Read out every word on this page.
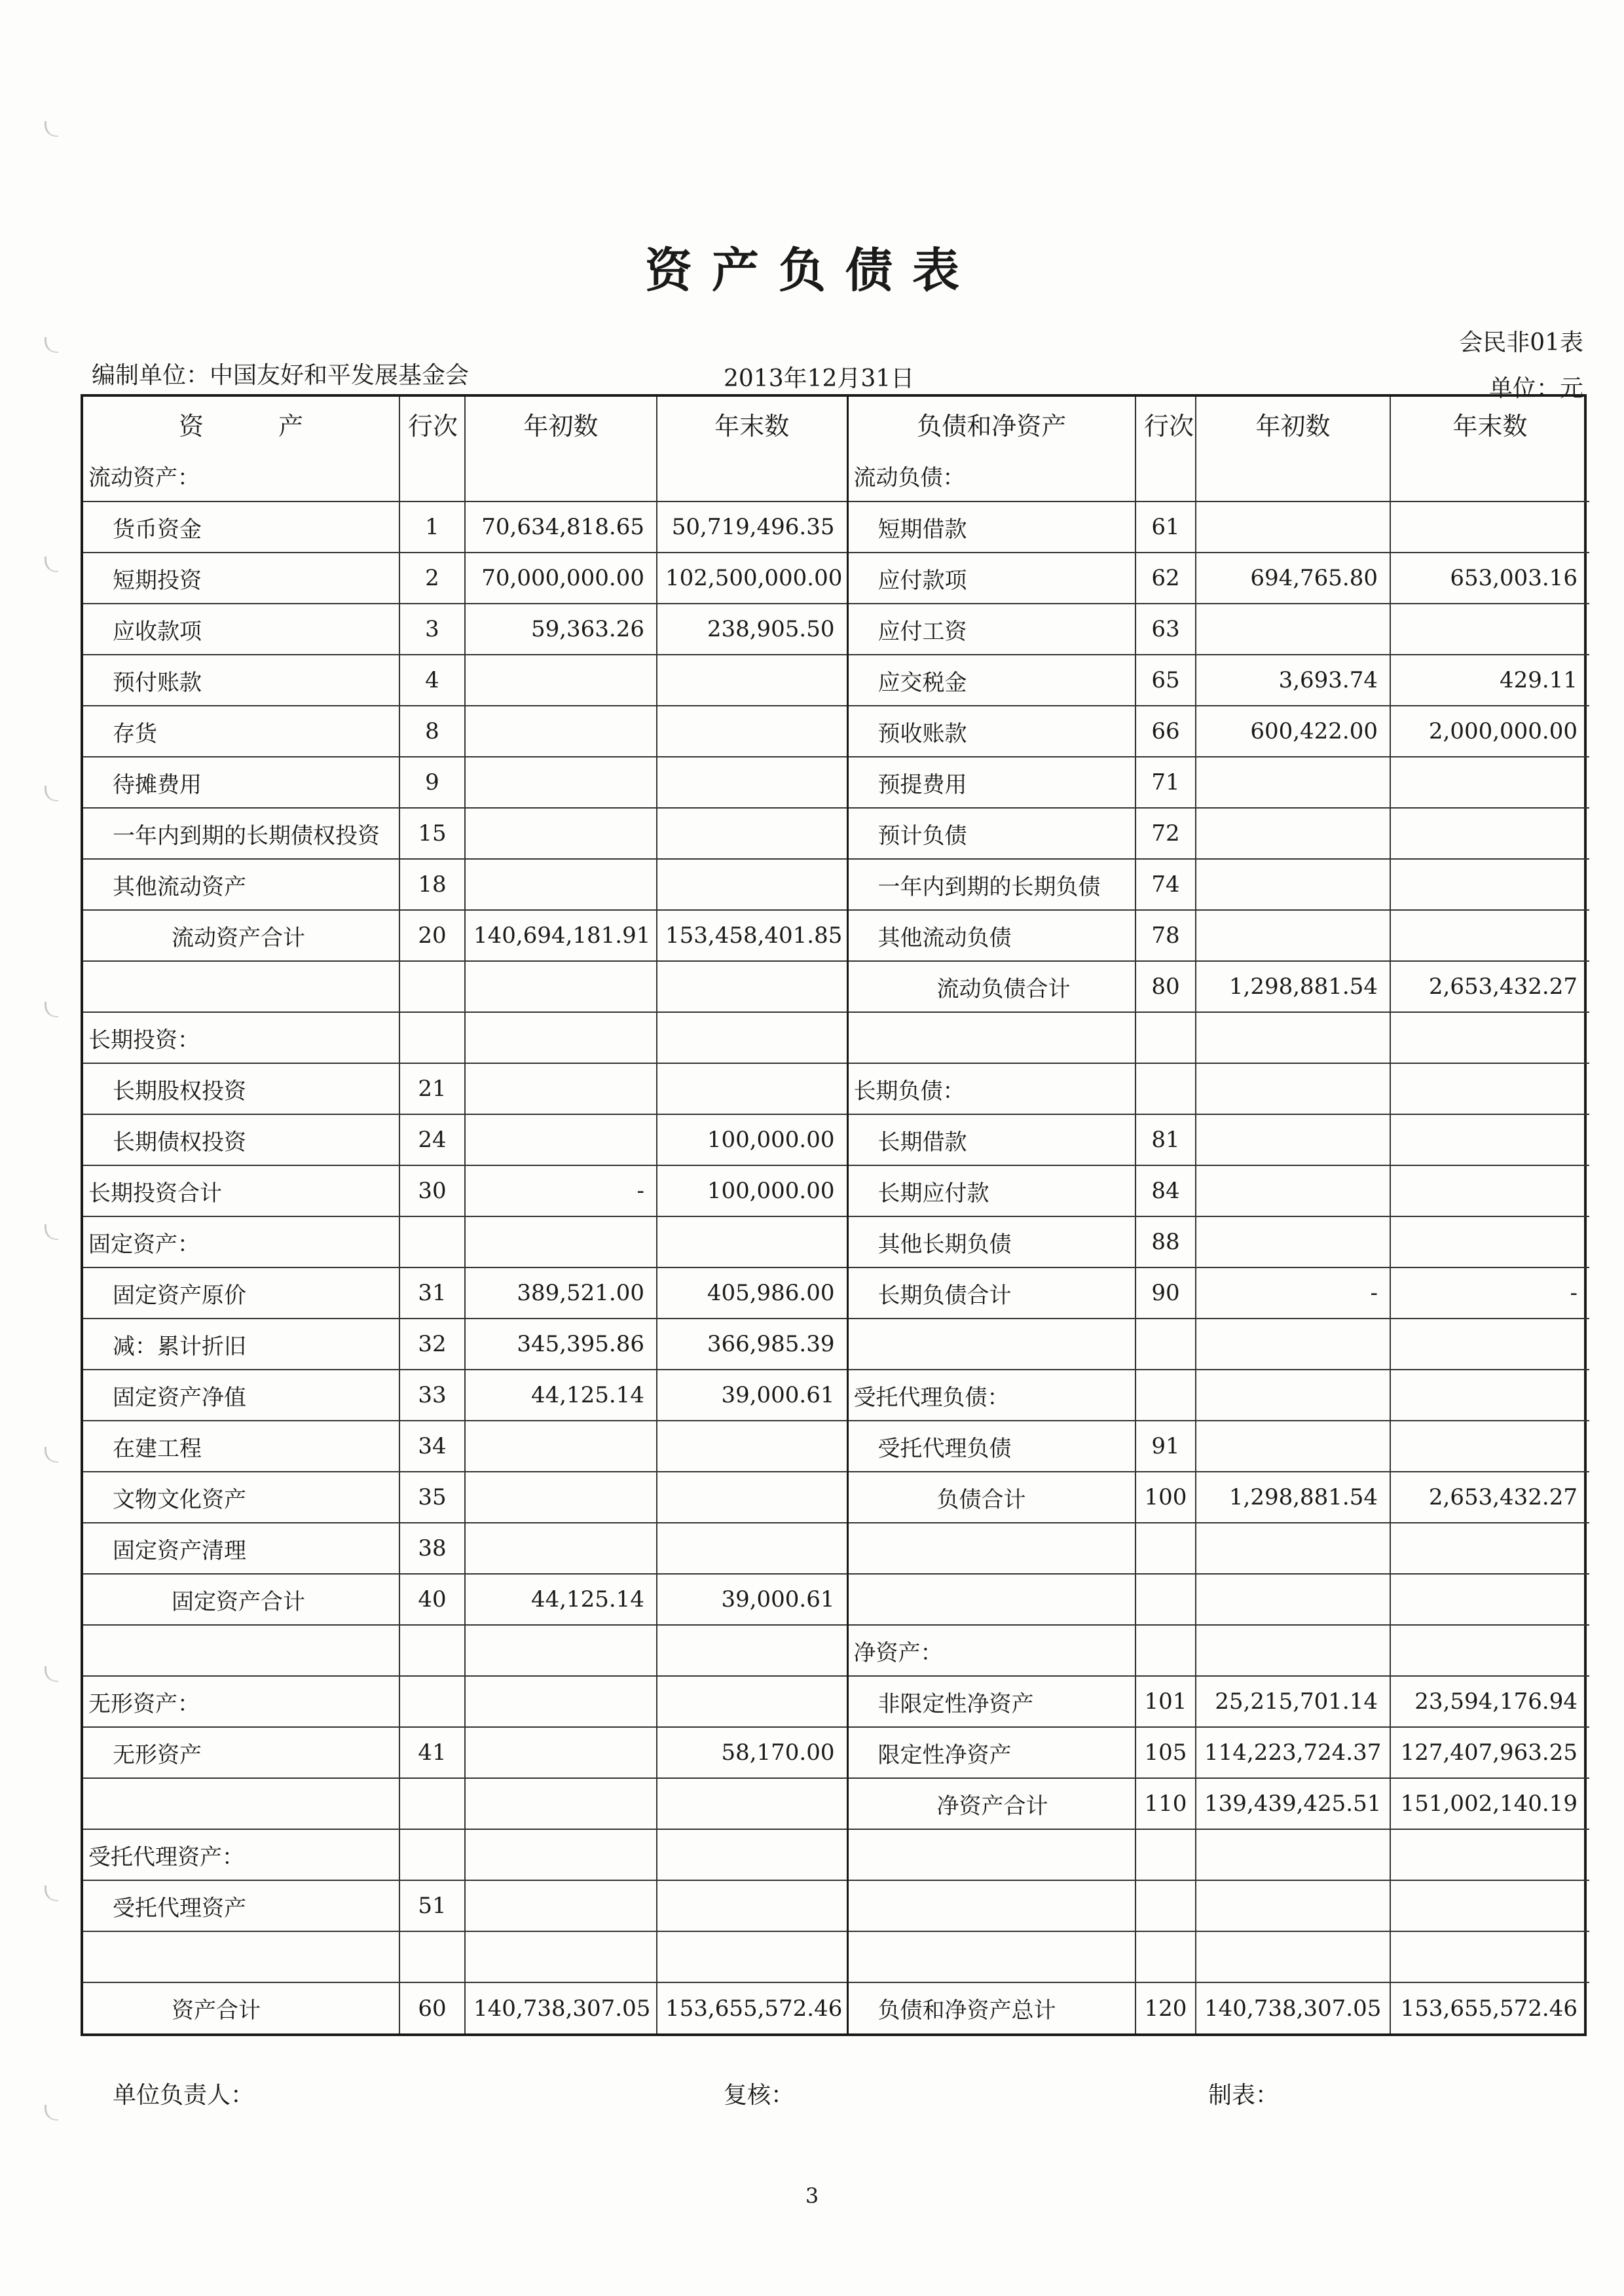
资产负债表
会民非01表
编制单位：中国友好和平发展基金会	2013年12月31日	单位：元
资　　　产	行次	年初数	年末数	负债和净资产	行次	年初数	年末数
流动资产：				流动负债：			
货币资金	1	70,634,818.65	50,719,496.35	短期借款	61		
短期投资	2	70,000,000.00	102,500,000.00	应付款项	62	694,765.80	653,003.16
应收款项	3	59,363.26	238,905.50	应付工资	63		
预付账款	4			应交税金	65	3,693.74	429.11
存货	8			预收账款	66	600,422.00	2,000,000.00
待摊费用	9			预提费用	71		
一年内到期的长期债权投资	15			预计负债	72		
其他流动资产	18			一年内到期的长期负债	74		
流动资产合计	20	140,694,181.91	153,458,401.85	其他流动负债	78		
				流动负债合计	80	1,298,881.54	2,653,432.27
长期投资：							
长期股权投资	21			长期负债：			
长期债权投资	24		100,000.00	长期借款	81		
长期投资合计	30	-	100,000.00	长期应付款	84		
固定资产：				其他长期负债	88		
固定资产原价	31	389,521.00	405,986.00	长期负债合计	90	-	-
减：累计折旧	32	345,395.86	366,985.39				
固定资产净值	33	44,125.14	39,000.61	受托代理负债：			
在建工程	34			受托代理负债	91		
文物文化资产	35			负债合计	100	1,298,881.54	2,653,432.27
固定资产清理	38						
固定资产合计	40	44,125.14	39,000.61				
				净资产：			
无形资产：				非限定性净资产	101	25,215,701.14	23,594,176.94
无形资产	41		58,170.00	限定性净资产	105	114,223,724.37	127,407,963.25
				净资产合计	110	139,439,425.51	151,002,140.19
受托代理资产：							
受托代理资产	51						

资产合计	60	140,738,307.05	153,655,572.46	负债和净资产总计	120	140,738,307.05	153,655,572.46
单位负责人：	复核：	制表：
3
